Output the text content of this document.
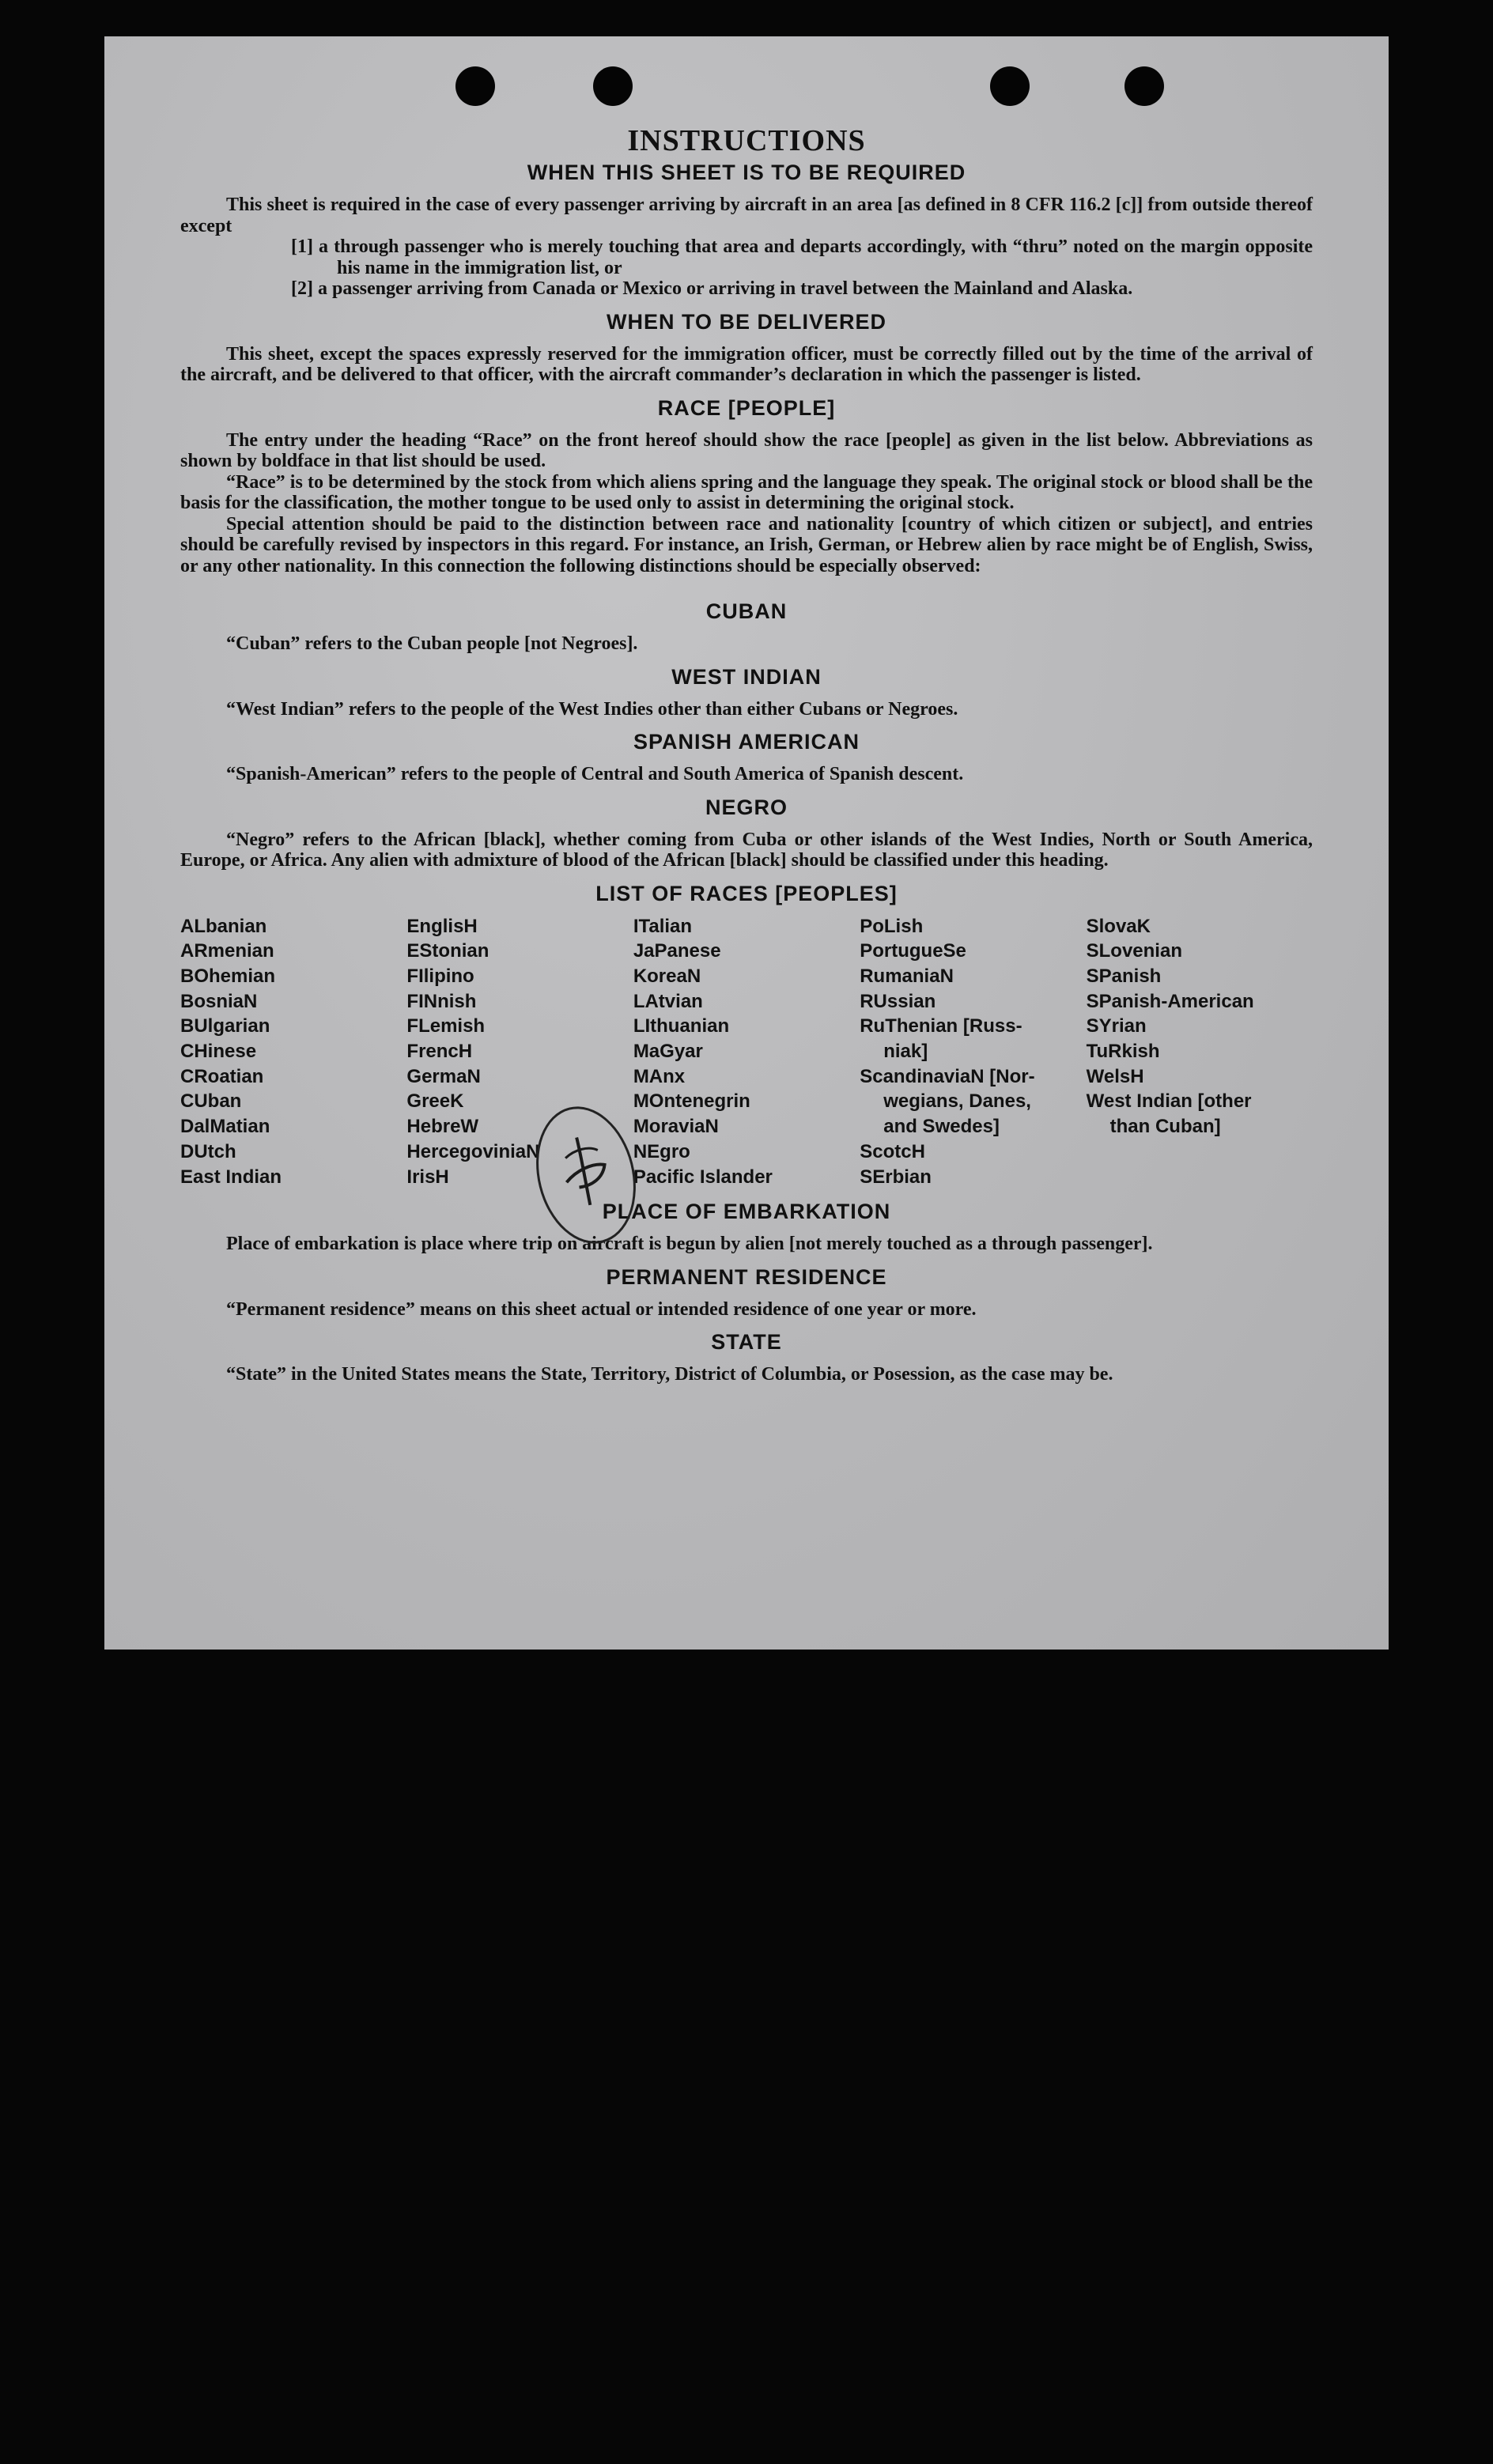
INSTRUCTIONS
WHEN THIS SHEET IS TO BE REQUIRED

This sheet is required in the case of every passenger arriving by aircraft in an area [as defined in 8 CFR 116.2 [c]] from outside thereof except

[1] a through passenger who is merely touching that area and departs accordingly, with “thru” noted on the margin opposite his name in the immigration list, or

[2] a passenger arriving from Canada or Mexico or arriving in travel between the Mainland and Alaska.

WHEN TO BE DELIVERED

This sheet, except the spaces expressly reserved for the immigration officer, must be correctly filled out by the time of the arrival of the aircraft, and be delivered to that officer, with the aircraft commander’s declaration in which the passenger is listed.

RACE [PEOPLE]

The entry under the heading “Race” on the front hereof should show the race [people] as given in the list below. Abbreviations as shown by boldface in that list should be used.

“Race” is to be determined by the stock from which aliens spring and the language they speak. The original stock or blood shall be the basis for the classification, the mother tongue to be used only to assist in determining the original stock.

Special attention should be paid to the distinction between race and nationality [country of which citizen or subject], and entries should be carefully revised by inspectors in this regard. For instance, an Irish, German, or Hebrew alien by race might be of English, Swiss, or any other nationality. In this connection the following distinctions should be especially observed:

CUBAN

“Cuban” refers to the Cuban people [not Negroes].

WEST INDIAN

“West Indian” refers to the people of the West Indies other than either Cubans or Negroes.

SPANISH AMERICAN

“Spanish-American” refers to the people of Central and South America of Spanish descent.

NEGRO

“Negro” refers to the African [black], whether coming from Cuba or other islands of the West Indies, North or South America, Europe, or Africa. Any alien with admixture of blood of the African [black] should be classified under this heading.

LIST OF RACES [PEOPLES]
ALbanian
ARmenian
BOhemian
BosniaN
BUlgarian
CHinese
CRoatian
CUban
DalMatian
DUtch
East Indian
EnglisH
EStonian
FIlipino
FINnish
FLemish
FrencH
GermaN
GreeK
HebreW
HercegoviniaN
IrisH
ITalian
JaPanese
KoreaN
LAtvian
LIthuanian
MaGyar
MAnx
MOntenegrin
MoraviaN
NEgro
Pacific Islander
PoLish
PortugueSe
RumaniaN
RUssian
RuThenian [Russ-
niak]
ScandinaviaN [Nor-
wegians, Danes,
and Swedes]
ScotcH
SErbian
SlovaK
SLovenian
SPanish
SPanish-American
SYrian
TuRkish
WelsH
West Indian [other
than Cuban]
PLACE OF EMBARKATION

Place of embarkation is place where trip on aircraft is begun by alien [not merely touched as a through passenger].

PERMANENT RESIDENCE

“Permanent residence” means on this sheet actual or intended residence of one year or more.

STATE

“State” in the United States means the State, Territory, District of Columbia, or Posession, as the case may be.
